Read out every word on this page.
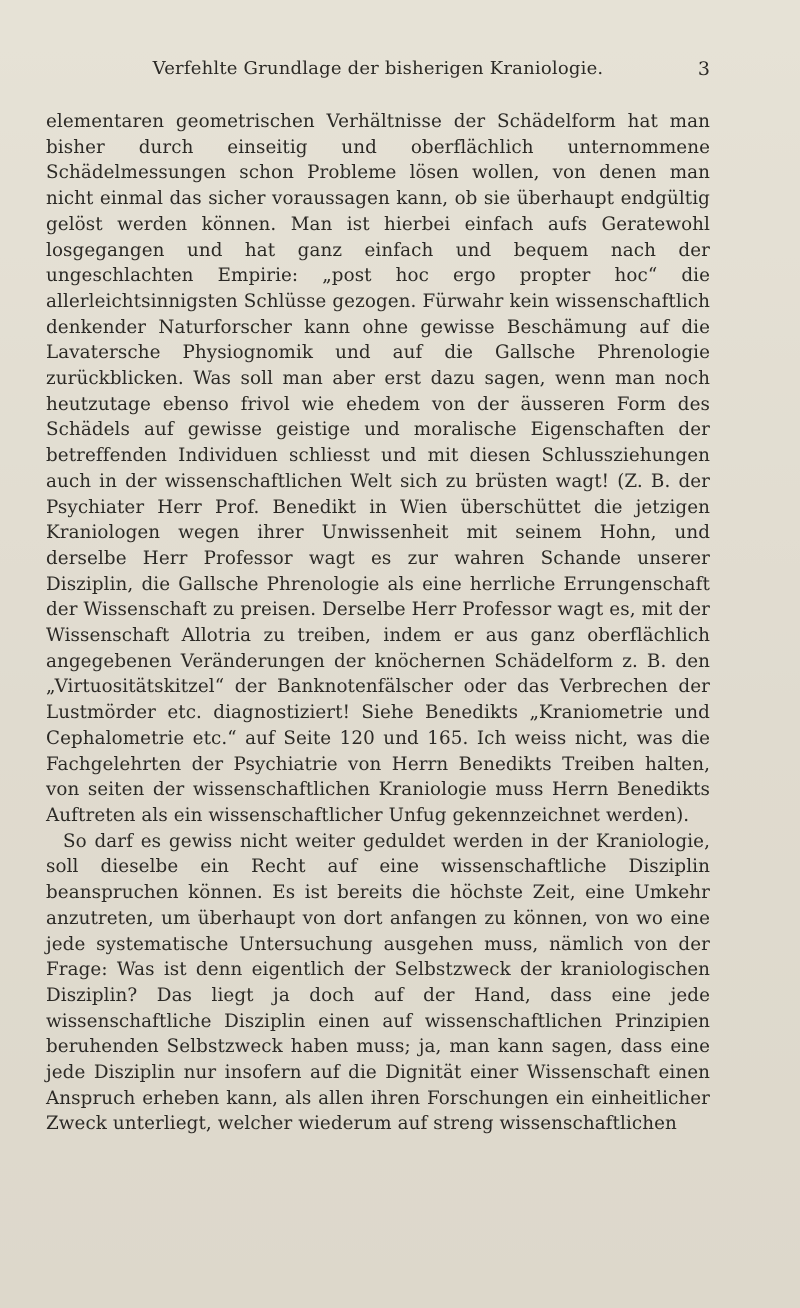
Verfehlte Grundlage der bisherigen Kraniologie.	3

elementaren geometrischen Verhältnisse der Schädelform hat man bisher durch einseitig und oberflächlich unternommene Schädelmessungen schon Probleme lösen wollen, von denen man nicht einmal das sicher voraussagen kann, ob sie überhaupt endgültig gelöst werden können. Man ist hierbei einfach aufs Geratewohl losgegangen und hat ganz einfach und bequem nach der ungeschlachten Empirie: „post hoc ergo propter hoc“ die allerleichtsinnigsten Schlüsse gezogen. Fürwahr kein wissenschaftlich denkender Naturforscher kann ohne gewisse Beschämung auf die Lavatersche Physiognomik und auf die Gallsche Phrenologie zurückblicken. Was soll man aber erst dazu sagen, wenn man noch heutzutage ebenso frivol wie ehedem von der äusseren Form des Schädels auf gewisse geistige und moralische Eigenschaften der betreffenden Individuen schliesst und mit diesen Schlussziehungen auch in der wissenschaftlichen Welt sich zu brüsten wagt! (Z. B. der Psychiater Herr Prof. Benedikt in Wien überschüttet die jetzigen Kraniologen wegen ihrer Unwissenheit mit seinem Hohn, und derselbe Herr Professor wagt es zur wahren Schande unserer Disziplin, die Gallsche Phrenologie als eine herrliche Errungenschaft der Wissenschaft zu preisen. Derselbe Herr Professor wagt es, mit der Wissenschaft Allotria zu treiben, indem er aus ganz oberflächlich angegebenen Veränderungen der knöchernen Schädelform z. B. den „Virtuositätskitzel“ der Banknotenfälscher oder das Verbrechen der Lustmörder etc. diagnostiziert! Siehe Benedikts „Kraniometrie und Cephalometrie etc.“ auf Seite 120 und 165. Ich weiss nicht, was die Fachgelehrten der Psychiatrie von Herrn Benedikts Treiben halten, von seiten der wissenschaftlichen Kraniologie muss Herrn Benedikts Auftreten als ein wissenschaftlicher Unfug gekennzeichnet werden).

So darf es gewiss nicht weiter geduldet werden in der Kraniologie, soll dieselbe ein Recht auf eine wissenschaftliche Disziplin beanspruchen können. Es ist bereits die höchste Zeit, eine Umkehr anzutreten, um überhaupt von dort anfangen zu können, von wo eine jede systematische Untersuchung ausgehen muss, nämlich von der Frage: Was ist denn eigentlich der Selbstzweck der kraniologischen Disziplin? Das liegt ja doch auf der Hand, dass eine jede wissenschaftliche Disziplin einen auf wissenschaftlichen Prinzipien beruhenden Selbstzweck haben muss; ja, man kann sagen, dass eine jede Disziplin nur insofern auf die Dignität einer Wissenschaft einen Anspruch erheben kann, als allen ihren Forschungen ein einheitlicher Zweck unterliegt, welcher wiederum auf streng wissenschaftlichen
